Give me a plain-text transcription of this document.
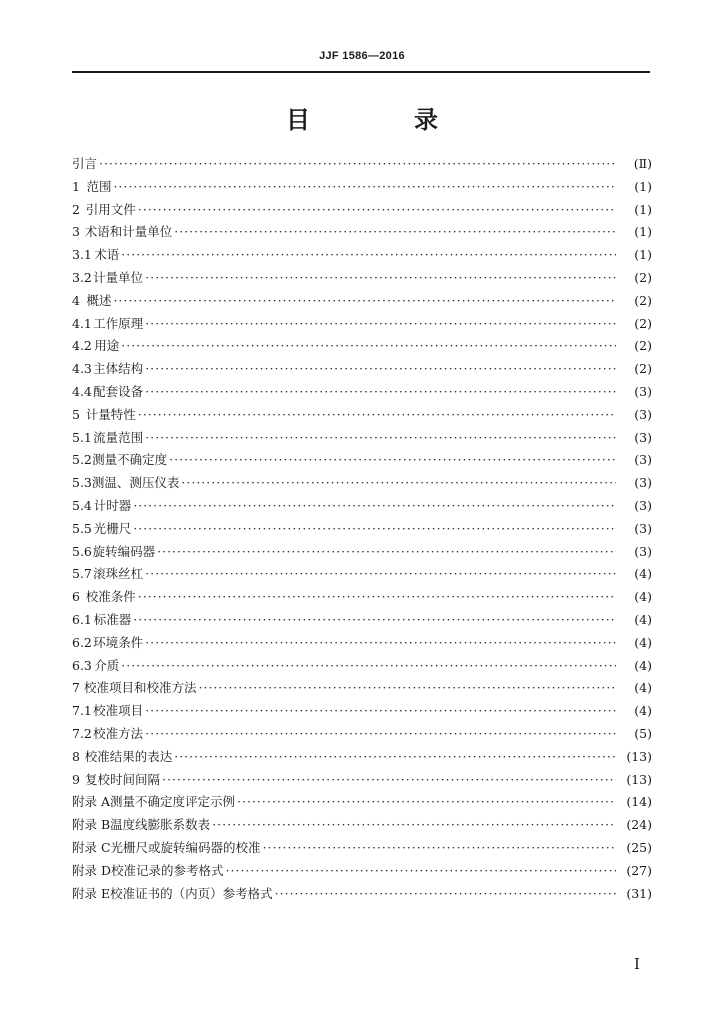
JJF 1586—2016
目　录
引言 ·····	(Ⅱ)
1 范围 ·····	(1)
2 引用文件 ·····	(1)
3 术语和计量单位 ·····	(1)
3.1 术语 ·····	(1)
3.2 计量单位 ·····	(2)
4 概述 ·····	(2)
4.1 工作原理 ·····	(2)
4.2 用途 ·····	(2)
4.3 主体结构 ·····	(2)
4.4 配套设备 ·····	(3)
5 计量特性 ·····	(3)
5.1 流量范围 ·····	(3)
5.2 测量不确定度 ·····	(3)
5.3 测温、测压仪表 ·····	(3)
5.4 计时器 ·····	(3)
5.5 光栅尺 ·····	(3)
5.6 旋转编码器 ·····	(3)
5.7 滚珠丝杠 ·····	(4)
6 校准条件 ·····	(4)
6.1 标准器 ·····	(4)
6.2 环境条件 ·····	(4)
6.3 介质 ·····	(4)
7 校准项目和校准方法 ·····	(4)
7.1 校准项目 ·····	(4)
7.2 校准方法 ·····	(5)
8 校准结果的表达 ·····	(13)
9 复校时间间隔 ·····	(13)
附录 A 测量不确定度评定示例 ·····	(14)
附录 B 温度线膨胀系数表 ·····	(24)
附录 C 光栅尺或旋转编码器的校准 ·····	(25)
附录 D 校准记录的参考格式 ·····	(27)
附录 E 校准证书的（内页）参考格式 ·····	(31)
I
